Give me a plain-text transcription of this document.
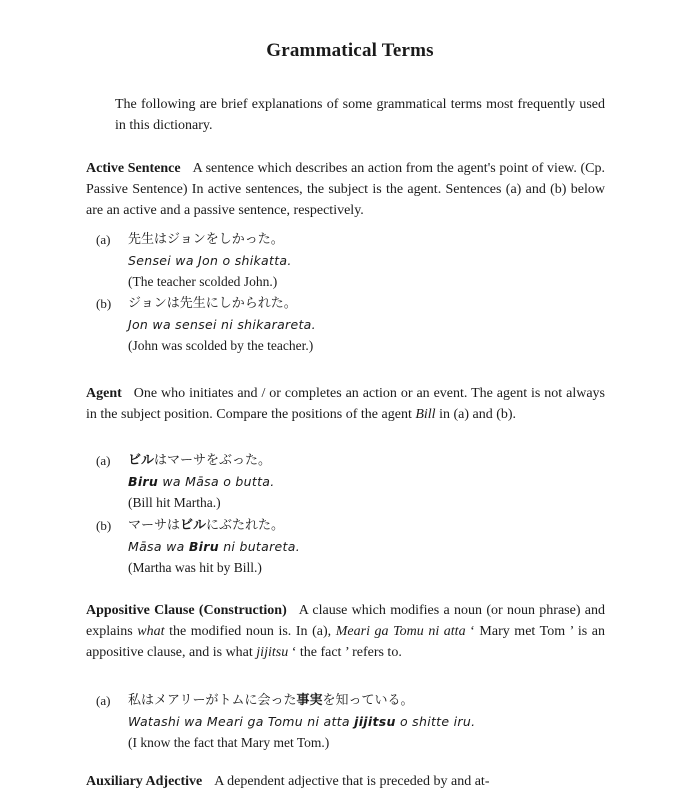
Grammatical Terms
The following are brief explanations of some grammatical terms most frequently used in this dictionary.
Active Sentence A sentence which describes an action from the agent's point of view. (Cp. Passive Sentence) In active sentences, the subject is the agent. Sentences (a) and (b) below are an active and a passive sentence, respectively.
(a)	先生はジョンをしかった。
Sensei wa Jon o shikatta.
(The teacher scolded John.)
(b)	ジョンは先生にしかられた。
Jon wa sensei ni shikarareta.
(John was scolded by the teacher.)
Agent One who initiates and / or completes an action or an event. The agent is not always in the subject position. Compare the positions of the agent Bill in (a) and (b).
(a)	ビルはマーサをぶった。
Biru wa Māsa o butta.
(Bill hit Martha.)
(b)	マーサはビルにぶたれた。
Māsa wa Biru ni butareta.
(Martha was hit by Bill.)
Appositive Clause (Construction) A clause which modifies a noun (or noun phrase) and explains what the modified noun is. In (a), Meari ga Tomu ni atta ‘ Mary met Tom ’ is an appositive clause, and is what jijitsu ‘ the fact ’ refers to.
(a)	私はメアリーがトムに会った事実を知っている。
Watashi wa Meari ga Tomu ni atta jijitsu o shitte iru.
(I know the fact that Mary met Tom.)
Auxiliary Adjective A dependent adjective that is preceded by and at-
